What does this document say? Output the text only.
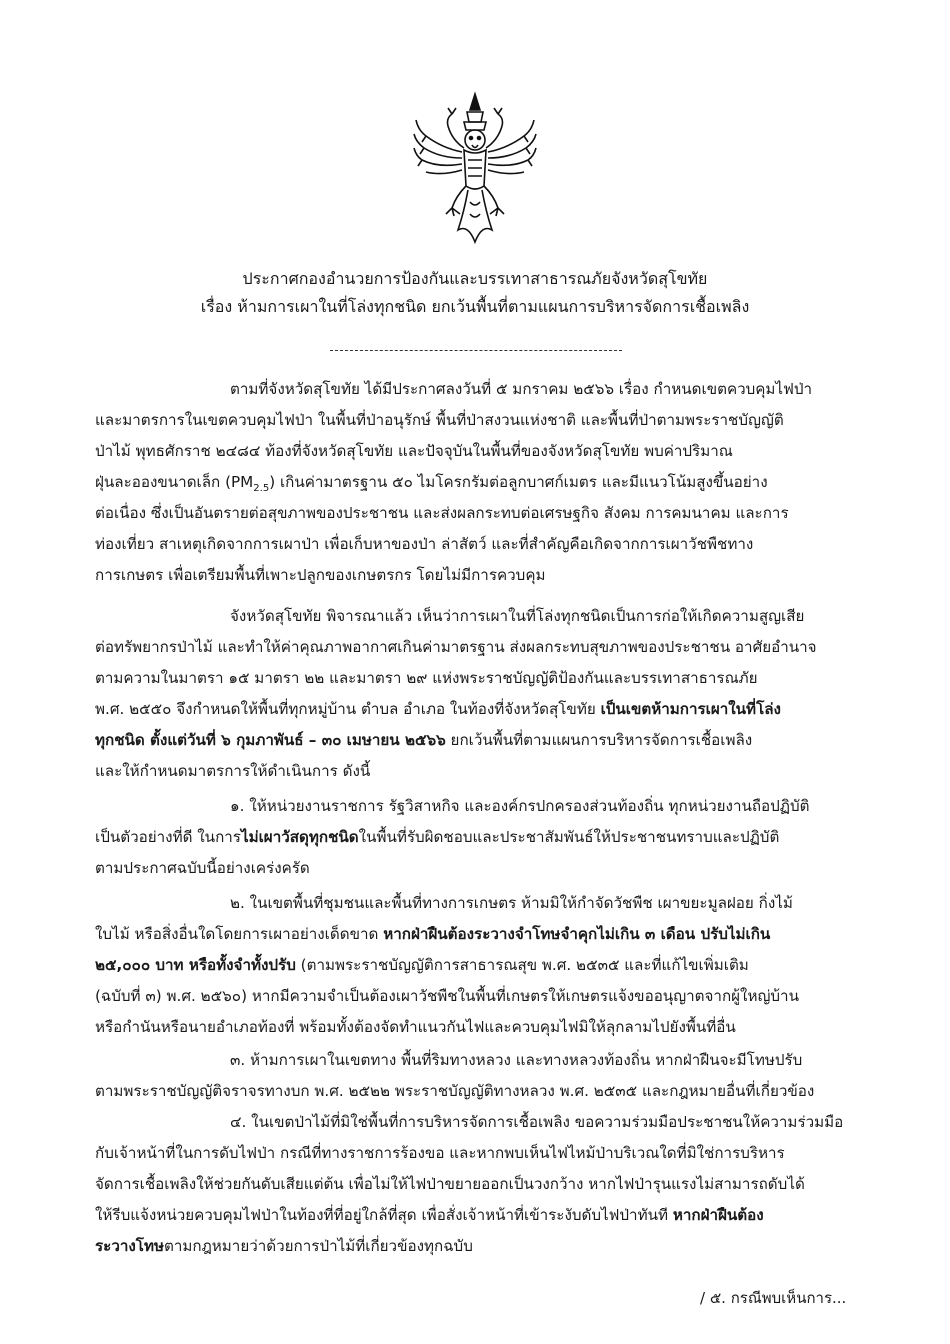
ประกาศกองอำนวยการป้องกันและบรรเทาสาธารณภัยจังหวัดสุโขทัย
เรื่อง ห้ามการเผาในที่โล่งทุกชนิด ยกเว้นพื้นที่ตามแผนการบริหารจัดการเชื้อเพลิง
ตามที่จังหวัดสุโขทัย ได้มีประกาศลงวันที่ ๕ มกราคม ๒๕๖๖ เรื่อง กำหนดเขตควบคุมไฟป่า
และมาตรการในเขตควบคุมไฟป่า ในพื้นที่ป่าอนุรักษ์ พื้นที่ป่าสงวนแห่งชาติ และพื้นที่ป่าตามพระราชบัญญัติ
ป่าไม้ พุทธศักราช ๒๔๘๔ ท้องที่จังหวัดสุโขทัย และปัจจุบันในพื้นที่ของจังหวัดสุโขทัย พบค่าปริมาณ
ฝุ่นละอองขนาดเล็ก $(PM_{2.5})$ เกินค่ามาตรฐาน ๕๐ ไมโครกรัมต่อลูกบาศก์เมตร และมีแนวโน้มสูงขึ้นอย่าง
ต่อเนื่อง ซึ่งเป็นอันตรายต่อสุขภาพของประชาชน และส่งผลกระทบต่อเศรษฐกิจ สังคม การคมนาคม และการ
ท่องเที่ยว สาเหตุเกิดจากการเผาป่า เพื่อเก็บหาของป่า ล่าสัตว์ และที่สำคัญคือเกิดจากการเผาวัชพืชทาง
การเกษตร เพื่อเตรียมพื้นที่เพาะปลูกของเกษตรกร โดยไม่มีการควบคุม
จังหวัดสุโขทัย พิจารณาแล้ว เห็นว่าการเผาในที่โล่งทุกชนิดเป็นการก่อให้เกิดความสูญเสีย
ต่อทรัพยากรป่าไม้ และทำให้ค่าคุณภาพอากาศเกินค่ามาตรฐาน ส่งผลกระทบสุขภาพของประชาชน อาศัยอำนาจ
ตามความในมาตรา ๑๕ มาตรา ๒๒ และมาตรา ๒๙ แห่งพระราชบัญญัติป้องกันและบรรเทาสาธารณภัย
พ.ศ. ๒๕๕๐ จึงกำหนดให้พื้นที่ทุกหมู่บ้าน ตำบล อำเภอ ในท้องที่จังหวัดสุโขทัย เป็นเขตห้ามการเผาในที่โล่ง
ทุกชนิด ตั้งแต่วันที่ ๖ กุมภาพันธ์ – ๓๐ เมษายน ๒๕๖๖ ยกเว้นพื้นที่ตามแผนการบริหารจัดการเชื้อเพลิง
และให้กำหนดมาตรการให้ดำเนินการ ดังนี้
๑. ให้หน่วยงานราชการ รัฐวิสาหกิจ และองค์กรปกครองส่วนท้องถิ่น ทุกหน่วยงานถือปฏิบัติ
เป็นตัวอย่างที่ดี ในการไม่เผาวัสดุทุกชนิดในพื้นที่รับผิดชอบและประชาสัมพันธ์ให้ประชาชนทราบและปฏิบัติ
ตามประกาศฉบับนี้อย่างเคร่งครัด
๒. ในเขตพื้นที่ชุมชนและพื้นที่ทางการเกษตร ห้ามมิให้กำจัดวัชพืช เผาขยะมูลฝอย กิ่งไม้
ใบไม้ หรือสิ่งอื่นใดโดยการเผาอย่างเด็ดขาด หากฝ่าฝืนต้องระวางจำโทษจำคุกไม่เกิน ๓ เดือน ปรับไม่เกิน
๒๕,๐๐๐ บาท หรือทั้งจำทั้งปรับ (ตามพระราชบัญญัติการสาธารณสุข พ.ศ. ๒๕๓๕ และที่แก้ไขเพิ่มเติม
(ฉบับที่ ๓) พ.ศ. ๒๕๖๐) หากมีความจำเป็นต้องเผาวัชพืชในพื้นที่เกษตรให้เกษตรแจ้งขออนุญาตจากผู้ใหญ่บ้าน
หรือกำนันหรือนายอำเภอท้องที่ พร้อมทั้งต้องจัดทำแนวกันไฟและควบคุมไฟมิให้ลุกลามไปยังพื้นที่อื่น
๓. ห้ามการเผาในเขตทาง พื้นที่ริมทางหลวง และทางหลวงท้องถิ่น หากฝ่าฝืนจะมีโทษปรับ
ตามพระราชบัญญัติจราจรทางบก พ.ศ. ๒๕๒๒ พระราชบัญญัติทางหลวง พ.ศ. ๒๕๓๕ และกฎหมายอื่นที่เกี่ยวข้อง
๔. ในเขตป่าไม้ที่มิใช่พื้นที่การบริหารจัดการเชื้อเพลิง ขอความร่วมมือประชาชนให้ความร่วมมือ
กับเจ้าหน้าที่ในการดับไฟป่า กรณีที่ทางราชการร้องขอ และหากพบเห็นไฟไหม้ป่าบริเวณใดที่มิใช่การบริหาร
จัดการเชื้อเพลิงให้ช่วยกันดับเสียแต่ต้น เพื่อไม่ให้ไฟป่าขยายออกเป็นวงกว้าง หากไฟป่ารุนแรงไม่สามารถดับได้
ให้รีบแจ้งหน่วยควบคุมไฟป่าในท้องที่ที่อยู่ใกล้ที่สุด เพื่อสั่งเจ้าหน้าที่เข้าระงับดับไฟป่าทันที หากฝ่าฝืนต้อง
ระวางโทษตามกฎหมายว่าด้วยการป่าไม้ที่เกี่ยวข้องทุกฉบับ
/ ๕. กรณีพบเห็นการ...
